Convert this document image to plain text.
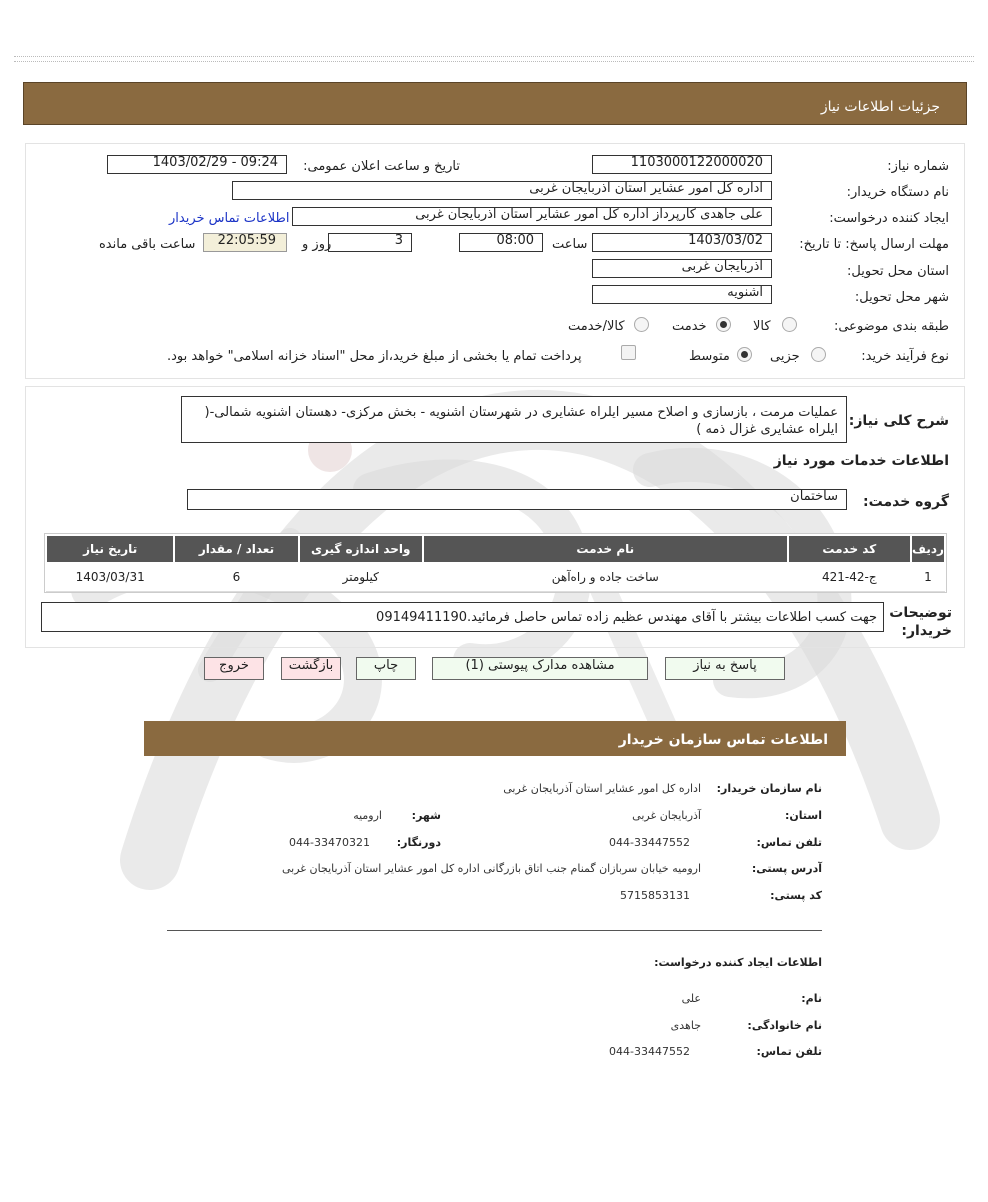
جزئیات اطلاعات نیاز
شماره نیاز:
1103000122000020
تاریخ و ساعت اعلان عمومی:
1403/02/29 - 09:24
نام دستگاه خریدار:
اداره کل امور عشایر استان آذربایجان غربی
ایجاد کننده درخواست:
علی جاهدی کارپرداز اداره کل امور عشایر استان آذربایجان غربی
اطلاعات تماس خریدار
مهلت ارسال پاسخ: تا تاریخ:
1403/03/02
ساعت
08:00
3
روز و
22:05:59
ساعت باقی مانده
استان محل تحویل:
آذربایجان غربی
شهر محل تحویل:
اشنویه
طبقه بندی موضوعی:
کالا
خدمت
کالا/خدمت
نوع فرآیند خرید:
جزیی
متوسط
پرداخت تمام یا بخشی از مبلغ خرید،از محل "اسناد خزانه اسلامی" خواهد بود.
شرح کلی نیاز:
عملیات مرمت ، بازسازی و اصلاح مسیر ایلراه عشایری در شهرستان اشنویه - بخش مرکزی- دهستان اشنویه شمالی-( ایلراه عشایری غزال ذمه )
اطلاعات خدمات مورد نیاز
گروه خدمت:
ساختمان
ردیف	کد خدمت	نام خدمت	واحد اندازه گیری	تعداد / مقدار	تاریخ نیاز
1	ج-42-421	ساخت جاده و راه‌آهن	کیلومتر	6	1403/03/31
توضیحات خریدار:
جهت کسب اطلاعات بیشتر با آقای مهندس عظیم زاده تماس حاصل فرمائید.09149411190
پاسخ به نیاز
مشاهده مدارک پیوستی (1)
چاپ
بازگشت
خروج
اطلاعات تماس سازمان خریدار
نام سازمان خریدار:
اداره کل امور عشایر استان آذربایجان غربی
استان:
آذربایجان غربی
شهر:
ارومیه
تلفن تماس:
044-33447552
دورنگار:
044-33470321
آدرس پستی:
ارومیه خیابان سربازان گمنام جنب اتاق بازرگانی اداره کل امور عشایر استان آذربایجان غربی
کد پستی:
5715853131
اطلاعات ایجاد کننده درخواست:
نام:
علی
نام خانوادگی:
جاهدی
تلفن تماس:
044-33447552
